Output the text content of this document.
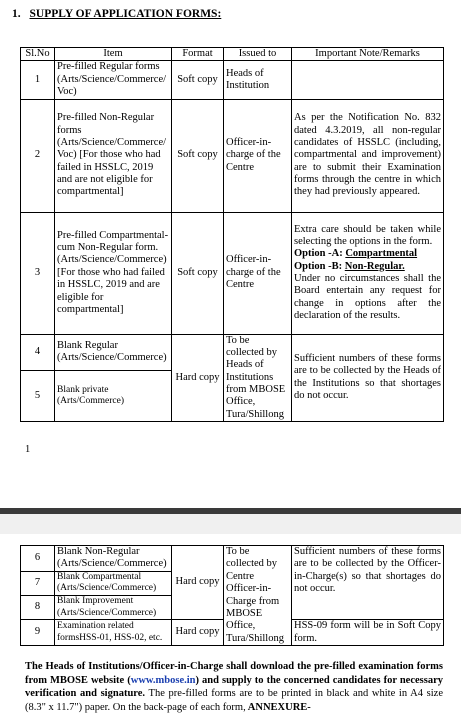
1. SUPPLY OF APPLICATION FORMS:
Sl.No	Item	Format	Issued to	Important Note/Remarks
1	Pre-filled Regular forms (Arts/Science/Commerce/ Voc)	Soft copy	Heads of Institution	
2	Pre-filled Non-Regular forms (Arts/Science/Commerce/ Voc) [For those who had failed in HSSLC, 2019 and are not eligible for compartmental]	Soft copy	Officer-in-charge of the Centre	As per the Notification No. 832 dated 4.3.2019, all non-regular candidates of HSSLC (including, compartmental and improvement) are to submit their Examination forms through the centre in which they had previously appeared.
3	Pre-filled Compartmental-cum Non-Regular form. (Arts/Science/Commerce) [For those who had failed in HSSLC, 2019 and are eligible for compartmental]	Soft copy	Officer-in-charge of the Centre	Extra care should be taken while selecting the options in the form.
Option -A: Compartmental
Option -B: Non-Regular.
Under no circumstances shall the Board entertain any request for change in options after the declaration of the results.
4	Blank Regular (Arts/Science/Commerce)	Hard copy	To be collected by Heads of Institutions from MBOSE Office, Tura/Shillong	Sufficient numbers of these forms are to be collected by the Heads of the Institutions so that shortages do not occur.
5	Blank private (Arts/Commerce)			
1
6	Blank Non-Regular (Arts/Science/Commerce)	Hard copy	To be collected by Centre Officer-in-Charge from MBOSE Office, Tura/Shillong	Sufficient numbers of these forms are to be collected by the Officer-in-Charge(s) so that shortages do not occur.
7	Blank Compartmental (Arts/Science/Commerce)			
8	Blank Improvement (Arts/Science/Commerce)			
9	Examination related formsHSS-01, HSS-02, etc.	Hard copy		HSS-09 form will be in Soft Copy form.
The Heads of Institutions/Officer-in-Charge shall download the pre-filled examination forms from MBOSE website (www.mbose.in) and supply to the concerned candidates for necessary verification and signature. The pre-filled forms are to be printed in black and white in A4 size (8.3" x 11.7") paper. On the back-page of each form, ANNEXURE-
